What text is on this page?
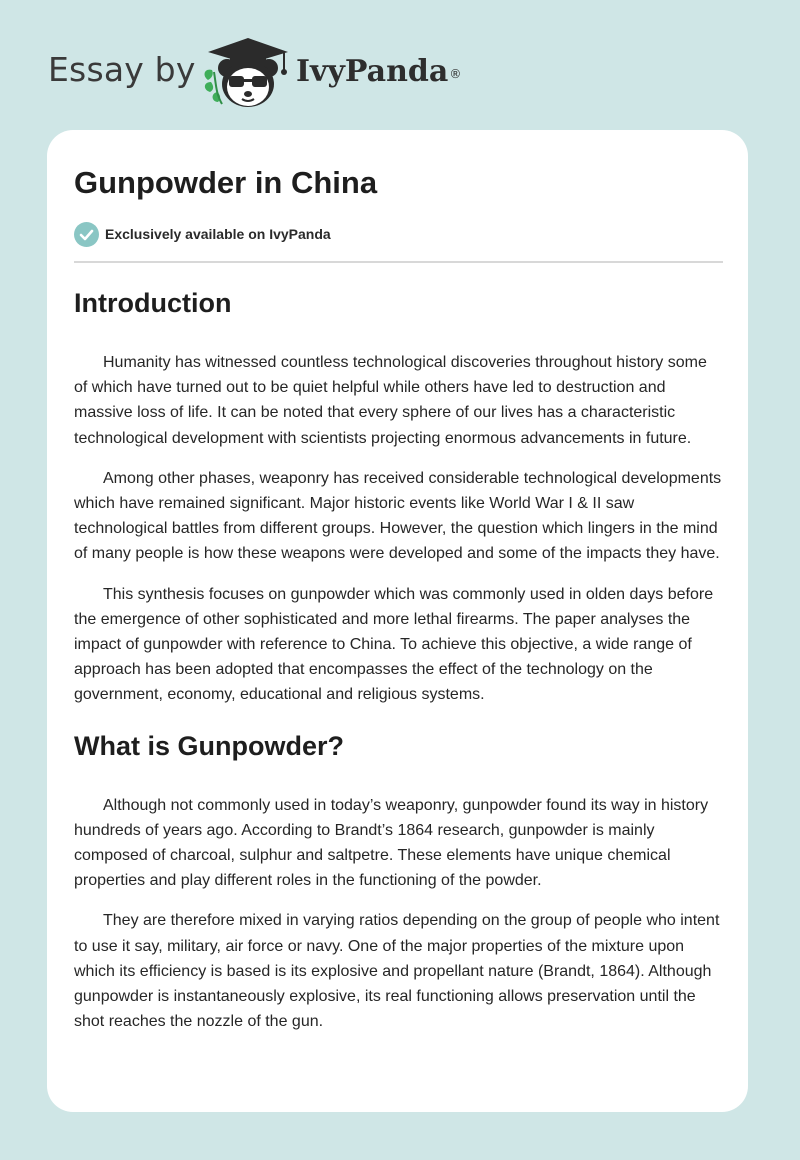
Essay by	IvyPanda®
Gunpowder in China
Exclusively available on IvyPanda
Introduction

Humanity has witnessed countless technological discoveries throughout history some of which have turned out to be quiet helpful while others have led to destruction and massive loss of life. It can be noted that every sphere of our lives has a characteristic technological development with scientists projecting enormous advancements in future.

Among other phases, weaponry has received considerable technological developments which have remained significant. Major historic events like World War I & II saw technological battles from different groups. However, the question which lingers in the mind of many people is how these weapons were developed and some of the impacts they have.

This synthesis focuses on gunpowder which was commonly used in olden days before the emergence of other sophisticated and more lethal firearms. The paper analyses the impact of gunpowder with reference to China. To achieve this objective, a wide range of approach has been adopted that encompasses the effect of the technology on the government, economy, educational and religious systems.

What is Gunpowder?

Although not commonly used in today’s weaponry, gunpowder found its way in history hundreds of years ago. According to Brandt’s 1864 research, gunpowder is mainly composed of charcoal, sulphur and saltpetre. These elements have unique chemical properties and play different roles in the functioning of the powder.

They are therefore mixed in varying ratios depending on the group of people who intent to use it say, military, air force or navy. One of the major properties of the mixture upon which its efficiency is based is its explosive and propellant nature (Brandt, 1864). Although gunpowder is instantaneously explosive, its real functioning allows preservation until the shot reaches the nozzle of the gun.
